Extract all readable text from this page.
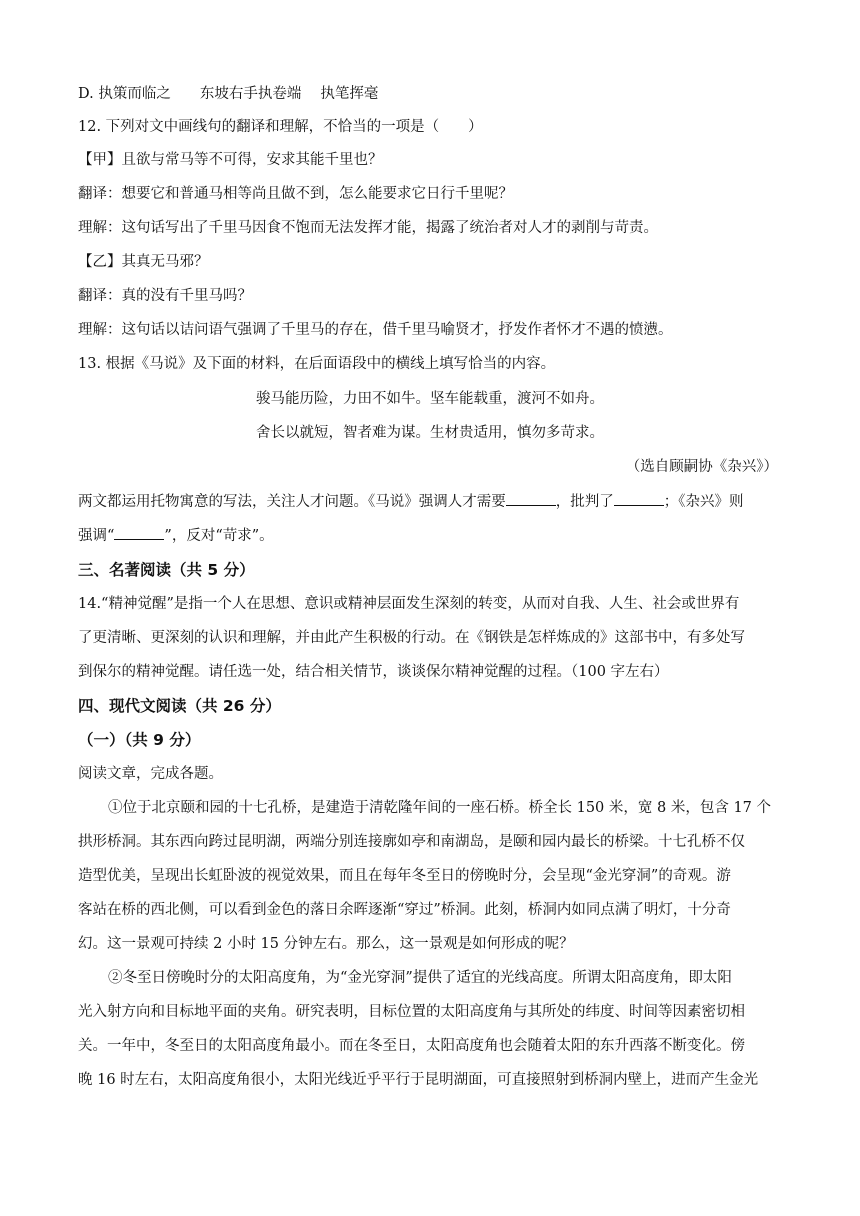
D. 执策而临之　　东坡右手执卷端　 执笔挥毫
12. 下列对文中画线句的翻译和理解，不恰当的一项是（　　）
【甲】且欲与常马等不可得，安求其能千里也？
翻译：想要它和普通马相等尚且做不到，怎么能要求它日行千里呢？
理解：这句话写出了千里马因食不饱而无法发挥才能，揭露了统治者对人才的剥削与苛责。
【乙】其真无马邪？
翻译：真的没有千里马吗？
理解：这句话以诘问语气强调了千里马的存在，借千里马喻贤才，抒发作者怀才不遇的愤懑。
13. 根据《马说》及下面的材料，在后面语段中的横线上填写恰当的内容。
骏马能历险，力田不如牛。坚车能载重，渡河不如舟。
舍长以就短，智者难为谋。生材贵适用，慎勿多苛求。
（选自顾嗣协《杂兴》）
两文都运用托物寓意的写法，关注人才问题。《马说》强调人才需要	，批判了	；《杂兴》则
强调“	”，反对“苛求”。
三、名著阅读（共 5 分）
14.“精神觉醒”是指一个人在思想、意识或精神层面发生深刻的转变，从而对自我、人生、社会或世界有
了更清晰、更深刻的认识和理解，并由此产生积极的行动。在《钢铁是怎样炼成的》这部书中，有多处写
到保尔的精神觉醒。请任选一处，结合相关情节，谈谈保尔精神觉醒的过程。（100 字左右）
四、现代文阅读（共 26 分）
（一）（共 9 分）
阅读文章，完成各题。
①位于北京颐和园的十七孔桥，是建造于清乾隆年间的一座石桥。桥全长 150 米，宽 8 米，包含 17 个
拱形桥洞。其东西向跨过昆明湖，两端分别连接廓如亭和南湖岛，是颐和园内最长的桥梁。十七孔桥不仅
造型优美，呈现出长虹卧波的视觉效果，而且在每年冬至日的傍晚时分，会呈现“金光穿洞”的奇观。游
客站在桥的西北侧，可以看到金色的落日余晖逐渐“穿过”桥洞。此刻，桥洞内如同点满了明灯，十分奇
幻。这一景观可持续 2 小时 15 分钟左右。那么，这一景观是如何形成的呢？
②冬至日傍晚时分的太阳高度角，为“金光穿洞”提供了适宜的光线高度。所谓太阳高度角，即太阳
光入射方向和目标地平面的夹角。研究表明，目标位置的太阳高度角与其所处的纬度、时间等因素密切相
关。一年中，冬至日的太阳高度角最小。而在冬至日，太阳高度角也会随着太阳的东升西落不断变化。傍
晚 16 时左右，太阳高度角很小，太阳光线近乎平行于昆明湖面，可直接照射到桥洞内壁上，进而产生金光
